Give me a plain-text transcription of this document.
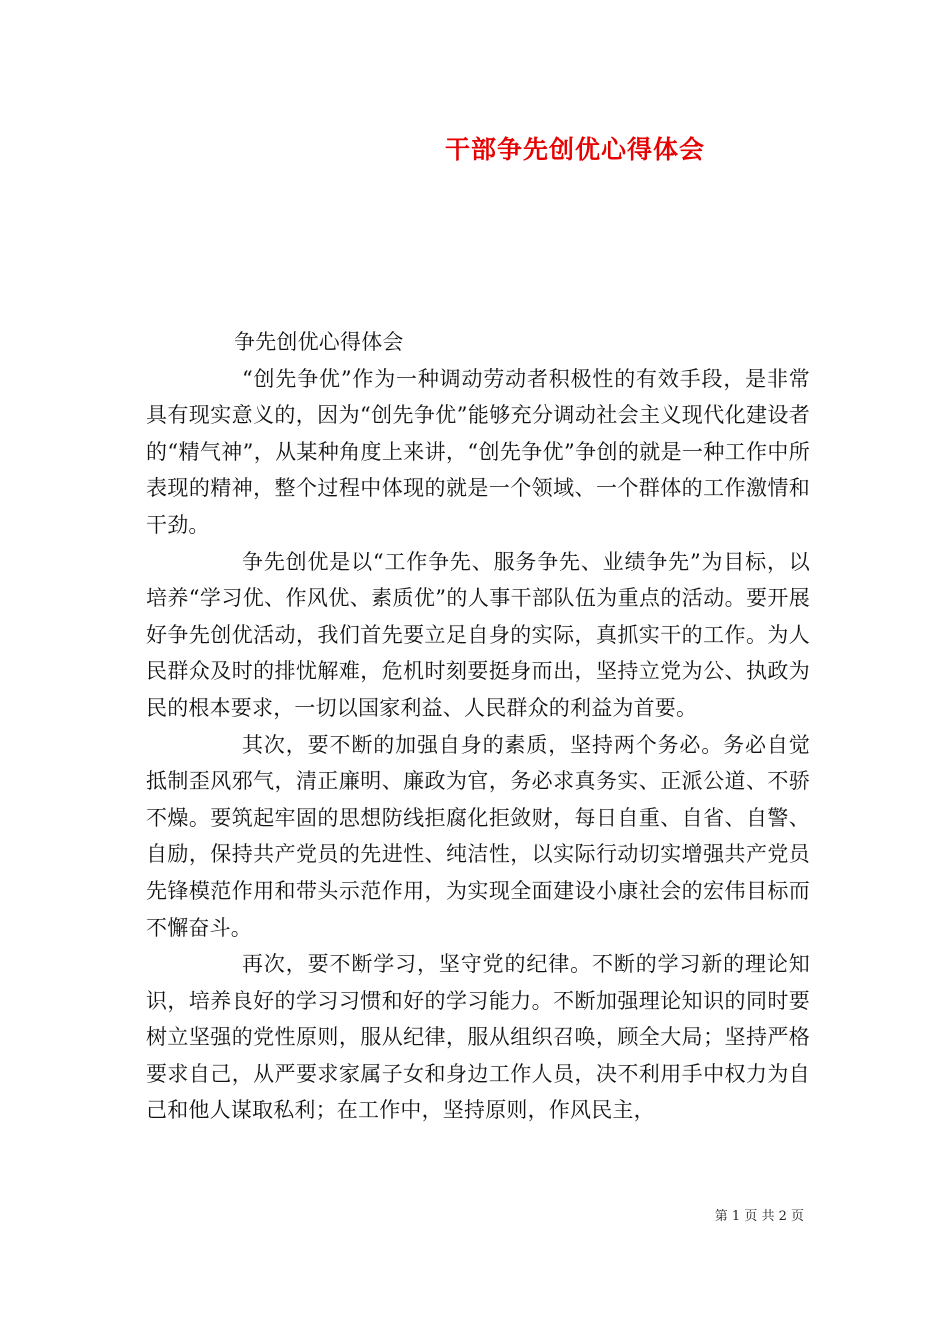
干部争先创优心得体会

争先创优心得体会

“创先争优”作为一种调动劳动者积极性的有效手段，是非常具有现实意义的，因为“创先争优”能够充分调动社会主义现代化建设者的“精气神”，从某种角度上来讲，“创先争优”争创的就是一种工作中所表现的精神，整个过程中体现的就是一个领域、一个群体的工作激情和干劲。

争先创优是以“工作争先、服务争先、业绩争先”为目标，以培养“学习优、作风优、素质优”的人事干部队伍为重点的活动。要开展好争先创优活动，我们首先要立足自身的实际，真抓实干的工作。为人民群众及时的排忧解难，危机时刻要挺身而出，坚持立党为公、执政为民的根本要求，一切以国家利益、人民群众的利益为首要。

其次，要不断的加强自身的素质，坚持两个务必。务必自觉抵制歪风邪气，清正廉明、廉政为官，务必求真务实、正派公道、不骄不燥。要筑起牢固的思想防线拒腐化拒敛财，每日自重、自省、自警、自励，保持共产党员的先进性、纯洁性，以实际行动切实增强共产党员先锋模范作用和带头示范作用，为实现全面建设小康社会的宏伟目标而不懈奋斗。

再次，要不断学习，坚守党的纪律。不断的学习新的理论知识，培养良好的学习习惯和好的学习能力。不断加强理论知识的同时要树立坚强的党性原则，服从纪律，服从组织召唤，顾全大局；坚持严格要求自己，从严要求家属子女和身边工作人员，决不利用手中权力为自己和他人谋取私利；在工作中，坚持原则，作风民主，

第 1 页 共 2 页
